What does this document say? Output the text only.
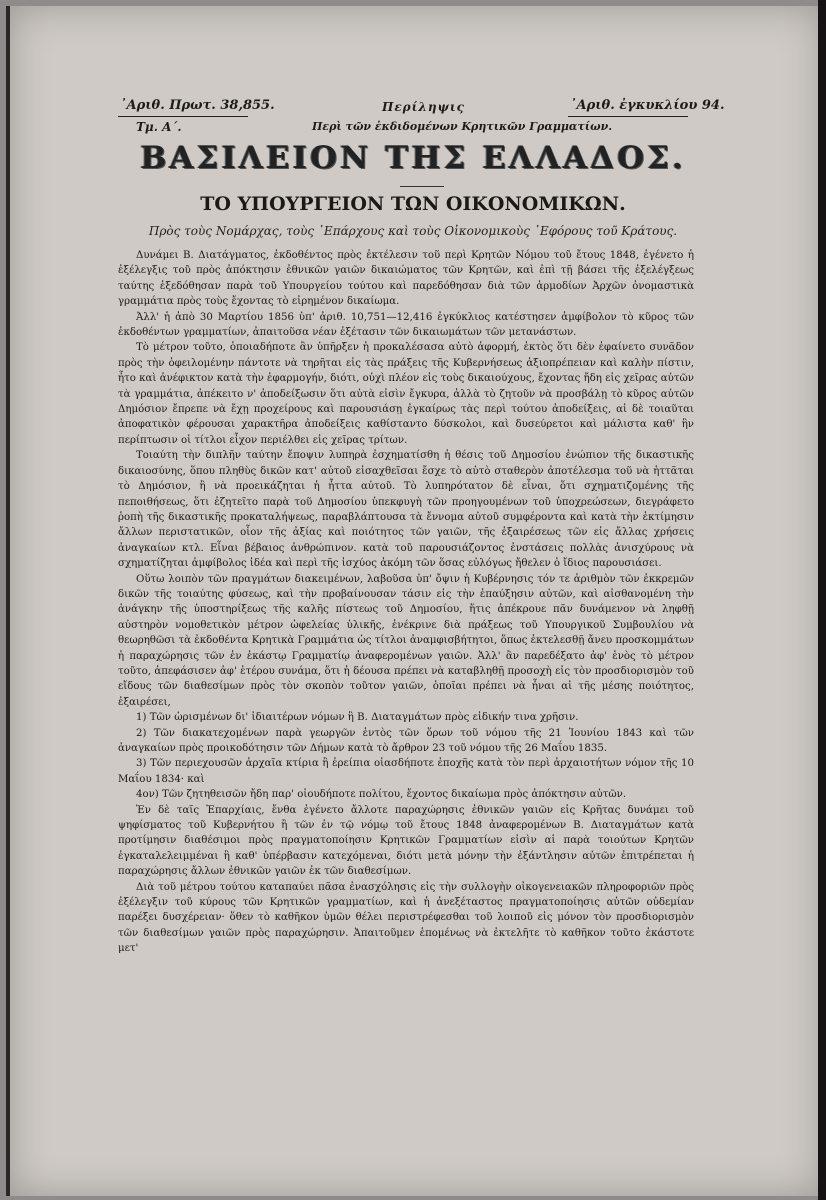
᾿Αριθ. Πρωτ. 38,855.
Τμ. Α΄.
Περίληψις
Περὶ τῶν ἐκδιδομένων Κρητικῶν Γραμματίων.
᾿Αριθ. ἐγκυκλίου 94.
ΒΑΣΙΛΕΙΟΝ ΤΗΣ ΕΛΛΑΔΟΣ.
ΤΟ ΥΠΟΥΡΓΕΙΟΝ ΤΩΝ ΟΙΚΟΝΟΜΙΚΩΝ.
Πρὸς τοὺς Νομάρχας, τοὺς ᾿Επάρχους καὶ τοὺς Οἰκονομικοὺς ᾿Εφόρους τοῦ Κράτους.

Δυνάμει Β. Διατάγματος, ἐκδοθέντος πρὸς ἐκτέλεσιν τοῦ περὶ Κρητῶν Νόμου τοῦ ἔτους 1848, ἐγένετο ἡ ἐξέλεγξις τοῦ πρὸς ἀπόκτησιν ἐθνικῶν γαιῶν δικαιώματος τῶν Κρητῶν, καὶ ἐπὶ τῇ βάσει τῆς ἐξελέγξεως ταύτης ἐξεδόθησαν παρὰ τοῦ Υπουργείου τούτου καὶ παρεδόθησαν διὰ τῶν ἁρμοδίων Ἀρχῶν ὀνομαστικὰ γραμμάτια πρὸς τοὺς ἔχοντας τὸ εἰρημένον δικαίωμα.

Ἀλλ' ἡ ἀπὸ 30 Μαρτίου 1856 ὑπ' ἀριθ. 10,751—12,416 ἐγκύκλιος κατέστησεν ἀμφίβολον τὸ κῦρος τῶν ἐκδοθέντων γραμματίων, ἀπαιτοῦσα νέαν ἐξέτασιν τῶν δικαιωμάτων τῶν μετανάστων.

Τὸ μέτρον τοῦτο, ὁποιαδήποτε ἂν ὑπῆρξεν ἡ προκαλέσασα αὐτὸ ἀφορμή, ἐκτὸς ὅτι δὲν ἐφαίνετο συνᾶδον πρὸς τὴν ὀφειλομένην πάντοτε νὰ τηρῆται εἰς τὰς πράξεις τῆς Κυβερνήσεως ἀξιοπρέπειαν καὶ καλὴν πίστιν, ἦτο καὶ ἀνέφικτον κατὰ τὴν ἐφαρμογήν, διότι, οὐχὶ πλέον εἰς τοὺς δικαιούχους, ἔχοντας ἤδη εἰς χεῖρας αὐτῶν τὰ γραμμάτια, ἀπέκειτο ν' ἀποδείξωσιν ὅτι αὐτὰ εἰσὶν ἔγκυρα, ἀλλὰ τὸ ζητοῦν νὰ προσβάλῃ τὸ κῦρος αὐτῶν Δημόσιον ἔπρεπε νὰ ἔχῃ προχείρους καὶ παρουσιάσῃ ἐγκαίρως τὰς περὶ τούτου ἀποδείξεις, αἱ δὲ τοιαῦται ἀποφατικὸν φέρουσαι χαρακτῆρα ἀποδείξεις καθίσταντο δύσκολοι, καὶ δυσεύρετοι καὶ μάλιστα καθ' ἣν περίπτωσιν οἱ τίτλοι εἶχον περιέλθει εἰς χεῖρας τρίτων.

Τοιαύτη τὴν διπλῆν ταύτην ἔποψιν λυπηρὰ ἐσχηματίσθη ἡ θέσις τοῦ Δημοσίου ἐνώπιον τῆς δικαστικῆς δικαιοσύνης, ὅπου πληθὺς δικῶν κατ' αὐτοῦ εἰσαχθεῖσαι ἔσχε τὸ αὐτὸ σταθερὸν ἀποτέλεσμα τοῦ νὰ ἡττᾶται τὸ Δημόσιον, ἢ νὰ προεικάζηται ἡ ἧττα αὐτοῦ. Τὸ λυπηρότατον δὲ εἶναι, ὅτι σχηματιζομένης τῆς πεποιθήσεως, ὅτι ἐζητεῖτο παρὰ τοῦ Δημοσίου ὑπεκφυγὴ τῶν προηγουμένων τοῦ ὑποχρεώσεων, διεγράφετο ῥοπὴ τῆς δικαστικῆς προκαταλήψεως, παραβλάπτουσα τὰ ἔννομα αὐτοῦ συμφέροντα καὶ κατὰ τὴν ἐκτίμησιν ἄλλων περιστατικῶν, οἷον τῆς ἀξίας καὶ ποιότητος τῶν γαιῶν, τῆς ἐξαιρέσεως τῶν εἰς ἄλλας χρήσεις ἀναγκαίων κτλ. Εἶναι βέβαιος ἀνθρώπινον. κατὰ τοῦ παρουσιάζοντος ἐνστάσεις πολλὰς ἀνισχύρους νὰ σχηματίζηται ἀμφίβολος ἰδέα καὶ περὶ τῆς ἰσχύος ἀκόμη τῶν ὅσας εὐλόγως ἤθελεν ὁ ἴδιος παρουσιάσει.

Οὕτω λοιπὸν τῶν πραγμάτων διακειμένων, λαβοῦσα ὑπ' ὄψιν ἡ Κυβέρνησις τόν τε ἀριθμὸν τῶν ἐκκρεμῶν δικῶν τῆς τοιαύτης φύσεως, καὶ τὴν προβαίνουσαν τάσιν εἰς τὴν ἐπαύξησιν αὐτῶν, καὶ αἰσθανομένη τὴν ἀνάγκην τῆς ὑποστηρίξεως τῆς καλῆς πίστεως τοῦ Δημοσίου, ἥτις ἀπέκρουε πᾶν δυνάμενον νὰ ληφθῇ αὐστηρὸν νομοθετικὸν μέτρον ὠφελείας ὑλικῆς, ἐνέκρινε διὰ πράξεως τοῦ Υπουργικοῦ Συμβουλίου νὰ θεωρηθῶσι τὰ ἐκδοθέντα Κρητικὰ Γραμμάτια ὡς τίτλοι ἀναμφισβήτητοι, ὅπως ἐκτελεσθῇ ἄνευ προσκομμάτων ἡ παραχώρησις τῶν ἐν ἑκάστῳ Γραμματίῳ ἀναφερομένων γαιῶν. Ἀλλ' ἂν παρεδέξατο ἀφ' ἑνὸς τὸ μέτρον τοῦτο, ἀπεφάσισεν ἀφ' ἑτέρου συνάμα, ὅτι ἡ δέουσα πρέπει νὰ καταβληθῇ προσοχὴ εἰς τὸν προσδιορισμὸν τοῦ εἴδους τῶν διαθεσίμων πρὸς τὸν σκοπὸν τοῦτον γαιῶν, ὁποῖαι πρέπει νὰ ἦναι αἱ τῆς μέσης ποιότητος, ἐξαιρέσει,

1) Τῶν ὡρισμένων δι' ἰδιαιτέρων νόμων ἢ Β. Διαταγμάτων πρὸς εἰδικήν τινα χρῆσιν.

2) Τῶν διακατεχομένων παρὰ γεωργῶν ἐντὸς τῶν ὅρων τοῦ νόμου τῆς 21 Ἰουνίου 1843 καὶ τῶν ἀναγκαίων πρὸς προικοδότησιν τῶν Δήμων κατὰ τὸ ἄρθρον 23 τοῦ νόμου τῆς 26 Μαΐου 1835.

3) Τῶν περιεχουσῶν ἀρχαῖα κτίρια ἢ ἐρείπια οἱασδήποτε ἐποχῆς κατὰ τὸν περὶ ἀρχαιοτήτων νόμον τῆς 10 Μαΐου 1834· καὶ

4ον) Τῶν ζητηθεισῶν ἤδη παρ' οἱουδήποτε πολίτου, ἔχοντος δικαίωμα πρὸς ἀπόκτησιν αὐτῶν.

Ἐν δὲ ταῖς Ἐπαρχίαις, ἔνθα ἐγένετο ἄλλοτε παραχώρησις ἐθνικῶν γαιῶν εἰς Κρῆτας δυνάμει τοῦ ψηφίσματος τοῦ Κυβερνήτου ἢ τῶν ἐν τῷ νόμῳ τοῦ ἔτους 1848 ἀναφερομένων Β. Διαταγμάτων κατὰ προτίμησιν διαθέσιμοι πρὸς πραγματοποίησιν Κρητικῶν Γραμματίων εἰσὶν αἱ παρὰ τοιούτων Κρητῶν ἐγκαταλελειμμέναι ἢ καθ' ὑπέρβασιν κατεχόμεναι, διότι μετὰ μόνην τὴν ἐξάντλησιν αὐτῶν ἐπιτρέπεται ἡ παραχώρησις ἄλλων ἐθνικῶν γαιῶν ἐκ τῶν διαθεσίμων.

Διὰ τοῦ μέτρου τούτου καταπαύει πᾶσα ἐνασχόλησις εἰς τὴν συλλογὴν οἰκογενειακῶν πληροφοριῶν πρὸς ἐξέλεγξιν τοῦ κύρους τῶν Κρητικῶν γραμματίων, καὶ ἡ ἀνεξέταστος πραγματοποίησις αὐτῶν οὐδεμίαν παρέξει δυσχέρειαν· ὅθεν τὸ καθῆκον ὑμῶν θέλει περιστρέφεσθαι τοῦ λοιποῦ εἰς μόνον τὸν προσδιορισμὸν τῶν διαθεσίμων γαιῶν πρὸς παραχώρησιν. Ἀπαιτοῦμεν ἑπομένως νὰ ἐκτελῆτε τὸ καθῆκον τοῦτο ἑκάστοτε μετ'
